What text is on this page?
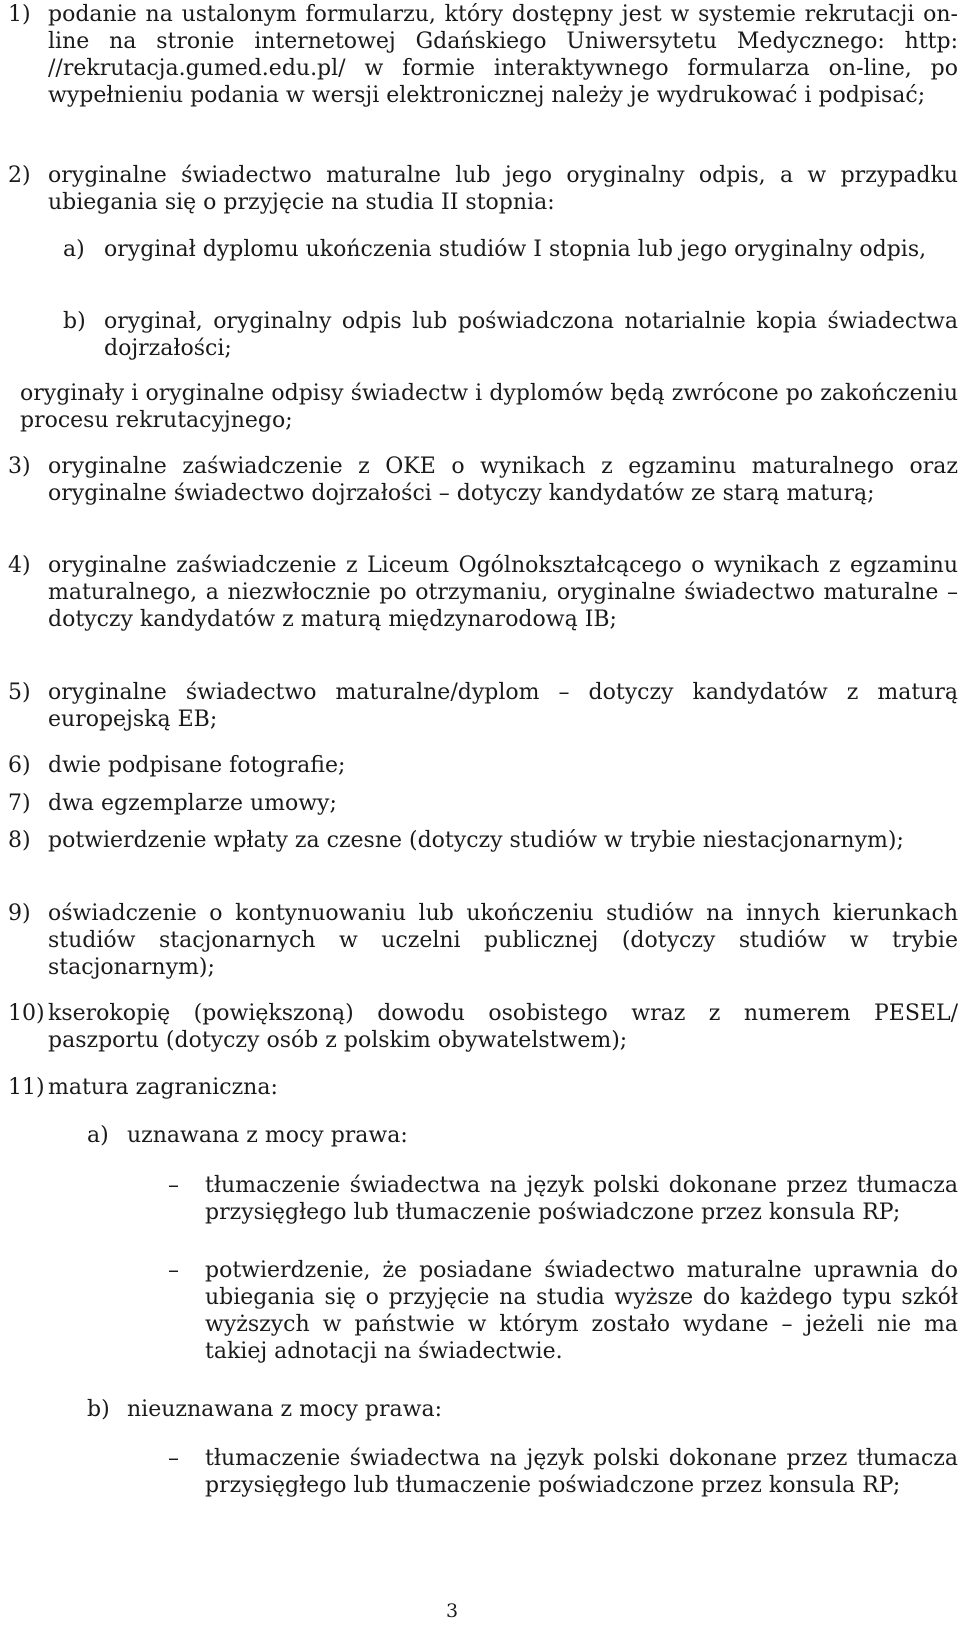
1) podanie na ustalonym formularzu, który dostępny jest w systemie rekrutacji on-line na stronie internetowej Gdańskiego Uniwersytetu Medycznego: http: //rekrutacja.gumed.edu.pl/ w formie interaktywnego formularza on-line, po wypełnieniu podania w wersji elektronicznej należy je wydrukować i podpisać;
2) oryginalne świadectwo maturalne lub jego oryginalny odpis, a w przypadku ubiegania się o przyjęcie na studia II stopnia:
a) oryginał dyplomu ukończenia studiów I stopnia lub jego oryginalny odpis,
b) oryginał, oryginalny odpis lub poświadczona notarialnie kopia świadectwa dojrzałości;
oryginały i oryginalne odpisy świadectw i dyplomów będą zwrócone po zakończeniu procesu rekrutacyjnego;
3) oryginalne zaświadczenie z OKE o wynikach z egzaminu maturalnego oraz oryginalne świadectwo dojrzałości – dotyczy kandydatów ze starą maturą;
4) oryginalne zaświadczenie z Liceum Ogólnokształcącego o wynikach z egzaminu maturalnego, a niezwłocznie po otrzymaniu, oryginalne świadectwo maturalne – dotyczy kandydatów z maturą międzynarodową IB;
5) oryginalne świadectwo maturalne/dyplom – dotyczy kandydatów z maturą europejską EB;
6) dwie podpisane fotografie;
7) dwa egzemplarze umowy;
8) potwierdzenie wpłaty za czesne (dotyczy studiów w trybie niestacjonarnym);
9) oświadczenie o kontynuowaniu lub ukończeniu studiów na innych kierunkach studiów stacjonarnych w uczelni publicznej (dotyczy studiów w trybie stacjonarnym);
10) kserokopię (powiększoną) dowodu osobistego wraz z numerem PESEL/ paszportu (dotyczy osób z polskim obywatelstwem);
11) matura zagraniczna:
a) uznawana z mocy prawa:
–	tłumaczenie świadectwa na język polski dokonane przez tłumacza przysięgłego lub tłumaczenie poświadczone przez konsula RP;
–	potwierdzenie, że posiadane świadectwo maturalne uprawnia do ubiegania się o przyjęcie na studia wyższe do każdego typu szkół wyższych w państwie w którym zostało wydane – jeżeli nie ma takiej adnotacji na świadectwie.
b) nieuznawana z mocy prawa:
–	tłumaczenie świadectwa na język polski dokonane przez tłumacza przysięgłego lub tłumaczenie poświadczone przez konsula RP;
3
